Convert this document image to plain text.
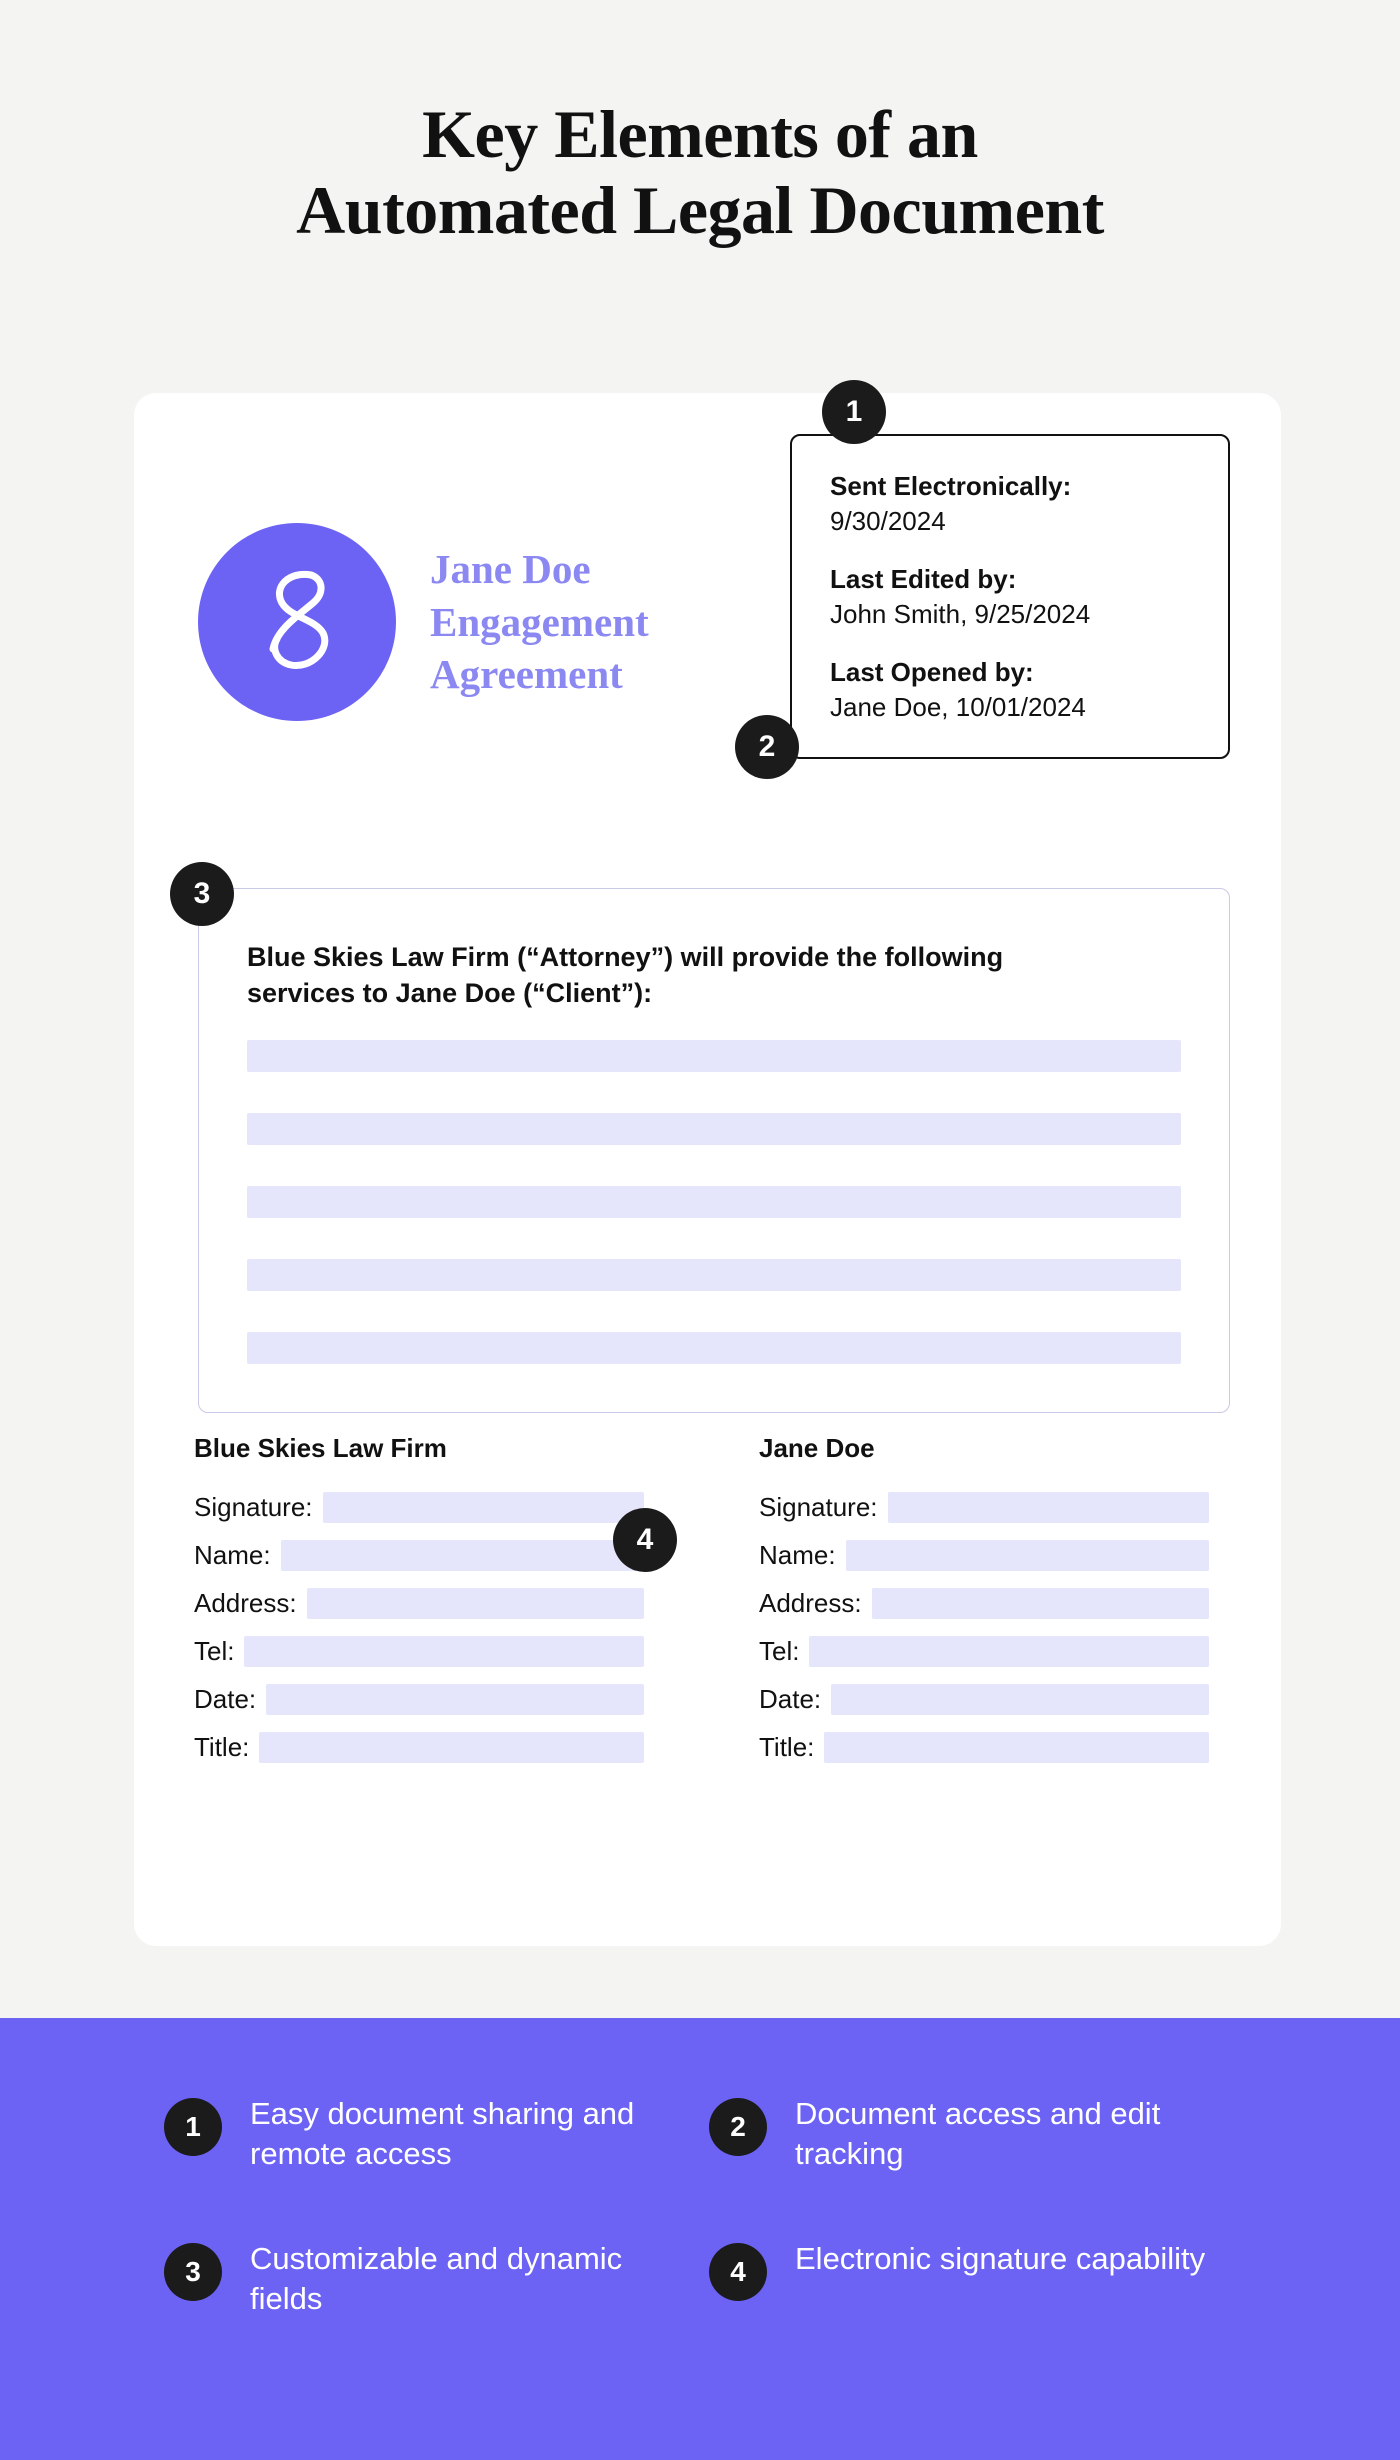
Key Elements of an
Automated Legal Document
Jane Doe Engagement Agreement
Sent Electronically:
9/30/2024
Last Edited by:
John Smith, 9/25/2024
Last Opened by:
Jane Doe, 10/01/2024
Blue Skies Law Firm (“Attorney”) will provide the following services to Jane Doe (“Client”):
Blue Skies Law Firm
Signature:
Name:
Address:
Tel:
Date:
Title:
Jane Doe
Signature:
Name:
Address:
Tel:
Date:
Title:
1
2
3
4
1	Easy document sharing and remote access
2	Document access and edit tracking
3	Customizable and dynamic fields
4	Electronic signature capability
